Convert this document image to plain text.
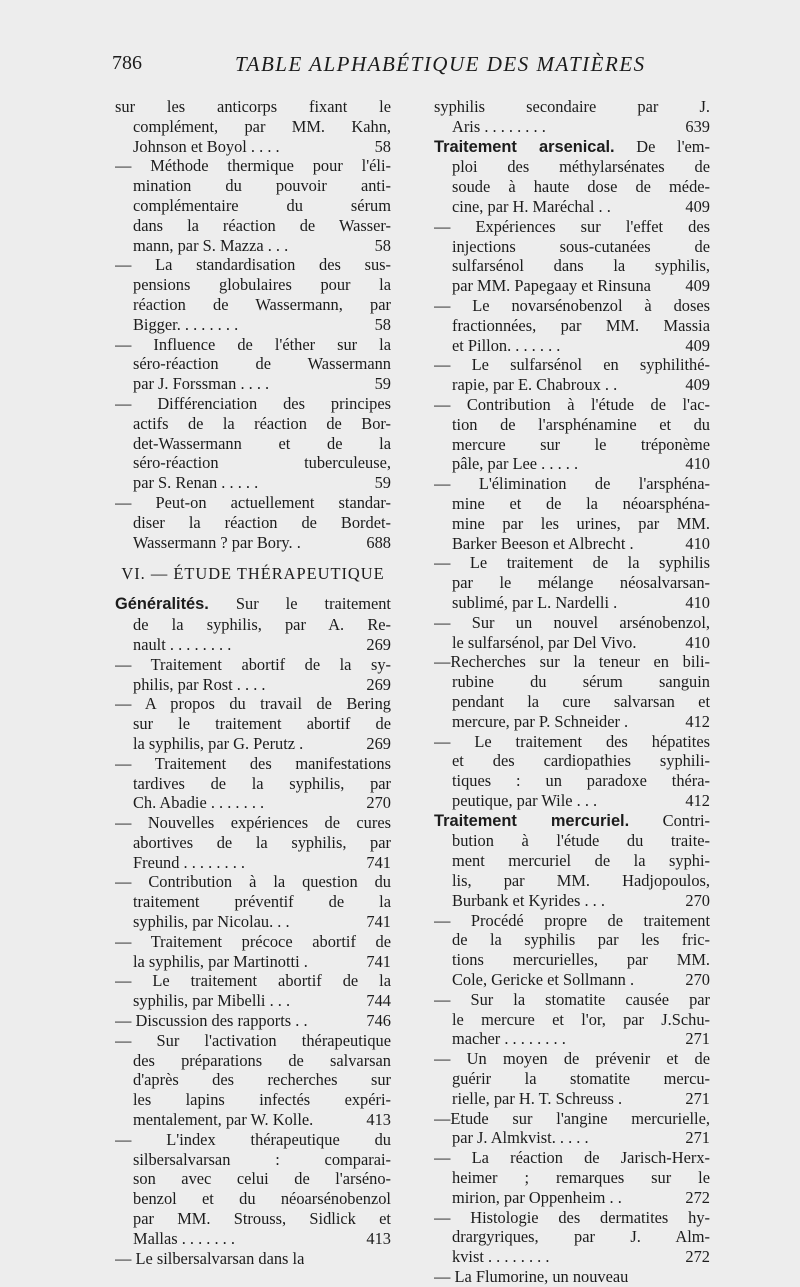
786	TABLE ALPHABÉTIQUE DES MATIÈRES
sur les anticorps fixant le
complément, par MM. Kahn,
Johnson et Boyol . . . .	58
— Méthode thermique pour l'éli-
mination du pouvoir anti-
complémentaire du sérum
dans la réaction de Wasser-
mann, par S. Mazza . . .	58
— La standardisation des sus-
pensions globulaires pour la
réaction de Wassermann, par
Bigger. . . . . . . .	58
— Influence de l'éther sur la
séro-réaction de Wassermann
par J. Forssman . . . .	59
— Différenciation des principes
actifs de la réaction de Bor-
det-Wassermann et de la
séro-réaction tuberculeuse,
par S. Renan . . . . .	59
— Peut-on actuellement standar-
diser la réaction de Bordet-
Wassermann ? par Bory. .	688
VI. — ÉTUDE THÉRAPEUTIQUE
Généralités. Sur le traitement
de la syphilis, par A. Re-
nault . . . . . . . .	269
— Traitement abortif de la sy-
philis, par Rost . . . .	269
— A propos du travail de Bering
sur le traitement abortif de
la syphilis, par G. Perutz .	269
— Traitement des manifestations
tardives de la syphilis, par
Ch. Abadie . . . . . . .	270
— Nouvelles expériences de cures
abortives de la syphilis, par
Freund . . . . . . . .	741
— Contribution à la question du
traitement préventif de la
syphilis, par Nicolau. . .	741
— Traitement précoce abortif de
la syphilis, par Martinotti .	741
— Le traitement abortif de la
syphilis, par Mibelli . . .	744
— Discussion des rapports . .	746
— Sur l'activation thérapeutique
des préparations de salvarsan
d'après des recherches sur
les lapins infectés expéri-
mentalement, par W. Kolle.	413
— L'index thérapeutique du
silbersalvarsan : comparai-
son avec celui de l'arséno-
benzol et du néoarsénobenzol
par MM. Strouss, Sidlick et
Mallas . . . . . . .	413
— Le silbersalvarsan dans la
syphilis secondaire par J.
Aris . . . . . . . .	639
Traitement arsenical. De l'em-
ploi des méthylarsénates de
soude à haute dose de méde-
cine, par H. Maréchal . .	409
— Expériences sur l'effet des
injections sous-cutanées de
sulfarsénol dans la syphilis,
par MM. Papegaay et Rinsuna	409
— Le novarsénobenzol à doses
fractionnées, par MM. Massia
et Pillon. . . . . . .	409
— Le sulfarsénol en syphilithé-
rapie, par E. Chabroux . .	409
— Contribution à l'étude de l'ac-
tion de l'arsphénamine et du
mercure sur le tréponème
pâle, par Lee . . . . .	410
— L'élimination de l'arsphéna-
mine et de la néoarsphéna-
mine par les urines, par MM.
Barker Beeson et Albrecht .	410
— Le traitement de la syphilis
par le mélange néosalvarsan-
sublimé, par L. Nardelli .	410
— Sur un nouvel arsénobenzol,
le sulfarsénol, par Del Vivo.	410
—Recherches sur la teneur en bili-
rubine du sérum sanguin
pendant la cure salvarsan et
mercure, par P. Schneider .	412
— Le traitement des hépatites
et des cardiopathies syphili-
tiques : un paradoxe théra-
peutique, par Wile . . .	412
Traitement mercuriel. Contri-
bution à l'étude du traite-
ment mercuriel de la syphi-
lis, par MM. Hadjopoulos,
Burbank et Kyrides . . .	270
— Procédé propre de traitement
de la syphilis par les fric-
tions mercurielles, par MM.
Cole, Gericke et Sollmann .	270
— Sur la stomatite causée par
le mercure et l'or, par J.Schu-
macher . . . . . . . .	271
— Un moyen de prévenir et de
guérir la stomatite mercu-
rielle, par H. T. Schreuss .	271
—Etude sur l'angine mercurielle,
par J. Almkvist. . . . .	271
— La réaction de Jarisch-Herx-
heimer ; remarques sur le
mirion, par Oppenheim . .	272
— Histologie des dermatites hy-
drargyriques, par J. Alm-
kvist . . . . . . . .	272
— La Flumorine, un nouveau
